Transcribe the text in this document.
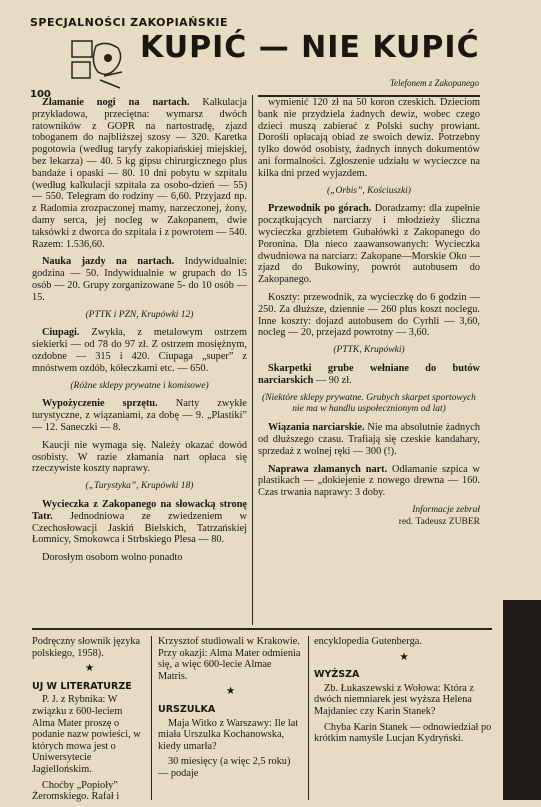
SPECJALNOŚCI ZAKOPIAŃSKIE
100
KUPIĆ — NIE KUPIĆ
Telefonem z Zakopanego

Złamanie nogi na nartach. Kalkulacja przykładowa, przeciętna: wymarsz dwóch ratowników z GOPR na nartostradę, zjazd toboganem do najbliższej szosy — 320. Karetka pogotowia (według taryfy zakopiańskiej miejskiej, bez lekarza) — 40. 5 kg gipsu chirurgicznego plus bandaże i opaski — 80. 10 dni pobytu w szpitalu (według kalkulacji szpitala za osobo-dzień — 55) — 550. Telegram do rodziny — 6,60. Przyjazd np. z Radomia zrozpaczonej mamy, narzeczonej, żony, damy serca, jej nocleg w Zakopanem, dwie taksówki z dworca do szpitala i z powrotem — 540. Razem: 1.536,60.

Nauka jazdy na nartach. Indywidualnie: godzina — 50. Indywidualnie w grupach do 15 osób — 20. Grupy zorganizowane 5- do 10 osób — 15.

(PTTK i PZN, Krupówki 12)

Ciupagi. Zwykła, z metalowym ostrzem siekierki — od 78 do 97 zł. Z ostrzem mosiężnym, ozdobne — 315 i 420. Ciupaga „super” z mnóstwem ozdób, kółeczkami etc. — 650.

(Różne sklepy prywatne i komisowe)

Wypożyczenie sprzętu. Narty zwykłe turystyczne, z wiązaniami, za dobę — 9. „Plastiki” — 12. Saneczki — 8.

Kaucji nie wymaga się. Należy okazać dowód osobisty. W razie złamania nart opłaca się rzeczywiste koszty naprawy.

(„Turystyka”, Krupówki 18)

Wycieczka z Zakopanego na słowacką stronę Tatr. Jednodniowa ze zwiedzeniem w Czechosłowacji Jaskiń Bielskich, Tatrzańskiej Łomnicy, Smokowca i Strbskiego Plesa — 80.

Dorosłym osobom wolno ponadto

wymienić 120 zł na 50 koron czeskich. Dzieciom bank nie przydziela żadnych dewiz, wobec czego dzieci muszą zabierać z Polski suchy prowiant. Dorośli opłacają obiad ze swoich dewiz. Potrzebny tylko dowód osobisty, żadnych innych dokumentów ani formalności. Zgłoszenie udziału w wycieczce na kilka dni przed wyjazdem.

(„Orbis”, Kościuszki)

Przewodnik po górach. Doradzamy: dla zupełnie początkujących narciarzy i młodzieży śliczna wycieczka grzbietem Gubałówki z Zakopanego do Poronina. Dla nieco zaawansowanych: Wycieczka dwudniowa na narciarz: Zakopane—Morskie Oko — zjazd do Bukowiny, powrót autobusem do Zakopanego.

Koszty: przewodnik, za wycieczkę do 6 godzin — 250. Za dłuższe, dziennie — 260 plus koszt noclegu. Inne koszty: dojazd autobusem do Cyrhli — 3,60, nocleg — 20, przejazd powrotny — 3,60.

(PTTK, Krupówki)

Skarpetki grube wełniane do butów narciarskich — 90 zł.

(Niektóre sklepy prywatne. Grubych skarpet sportowych nie ma w handlu uspołecznionym od lat)

Wiązania narciarskie. Nie ma absolutnie żadnych od dłuższego czasu. Trafiają się czeskie kandahary, sprzedaż z wolnej ręki — 300 (!).

Naprawa złamanych nart. Odłamanie szpica w plastikach — „dokiejenie z nowego drewna — 160. Czas trwania naprawy: 3 doby.

Informacje zebrał

red. Tadeusz ZUBER

Podręczny słownik języka polskiego, 1958).

★

UJ W LITERATURZE

P. J. z Rybnika: W związku z 600-leciem Alma Mater proszę o podanie nazw powieści, w których mowa jest o Uniwersytecie Jagiellońskim.

Choćby „Popioły” Żeromskiego. Rafał i

Krzysztof studiowali w Krakowie. Przy okazji: Alma Mater odmienia się, a więc 600-lecie Almae Matris.

★

URSZULKA

Maja Witko z Warszawy: Ile lat miała Urszulka Kochanowska, kiedy umarła?

30 miesięcy (a więc 2,5 roku) — podaje

encyklopedia Gutenberga.

★

WYŻSZA

Zb. Łukaszewski z Wołowa: Która z dwóch niemniarek jest wyższa Helena Majdaniec czy Karin Stanek?

Chyba Karin Stanek — odnowiedział po krótkim namyśle Lucjan Kydryński.
